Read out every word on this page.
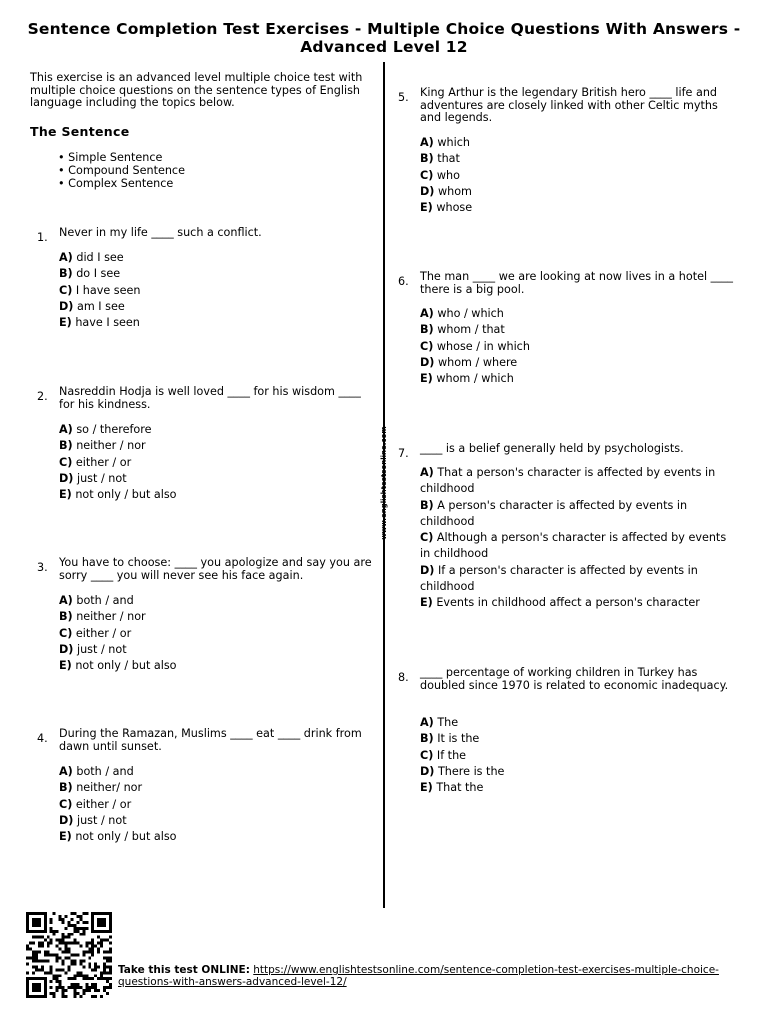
Sentence Completion Test Exercises - Multiple Choice Questions With Answers -
Advanced Level 12
www.englishtestsonline.com
This exercise is an advanced level multiple choice test with multiple choice questions on the sentence types of English language including the topics below.
The Sentence
• Simple Sentence
• Compound Sentence
• Complex Sentence
1. Never in my life ____ such a conflict.
A) did I see
B) do I see
C) I have seen
D) am I see
E) have I seen
2. Nasreddin Hodja is well loved ____ for his wisdom ____ for his kindness.
A) so / therefore
B) neither / nor
C) either / or
D) just / not
E) not only / but also
3. You have to choose: ____ you apologize and say you are sorry ____ you will never see his face again.
A) both / and
B) neither / nor
C) either / or
D) just / not
E) not only / but also
4. During the Ramazan, Muslims ____ eat ____ drink from dawn until sunset.
A) both / and
B) neither/ nor
C) either / or
D) just / not
E) not only / but also
5. King Arthur is the legendary British hero ____ life and adventures are closely linked with other Celtic myths and legends.
A) which
B) that
C) who
D) whom
E) whose
6. The man ____ we are looking at now lives in a hotel ____ there is a big pool.
A) who / which
B) whom / that
C) whose / in which
D) whom / where
E) whom / which
7. ____ is a belief generally held by psychologists.
A) That a person's character is affected by events in childhood
B) A person's character is affected by events in childhood
C) Although a person's character is affected by events in childhood
D) If a person's character is affected by events in childhood
E) Events in childhood affect a person's character
8. ____ percentage of working children in Turkey has doubled since 1970 is related to economic inadequacy.
A) The
B) It is the
C) If the
D) There is the
E) That the
Take this test ONLINE: https://www.englishtestsonline.com/sentence-completion-test-exercises-multiple-choice-questions-with-answers-advanced-level-12/
